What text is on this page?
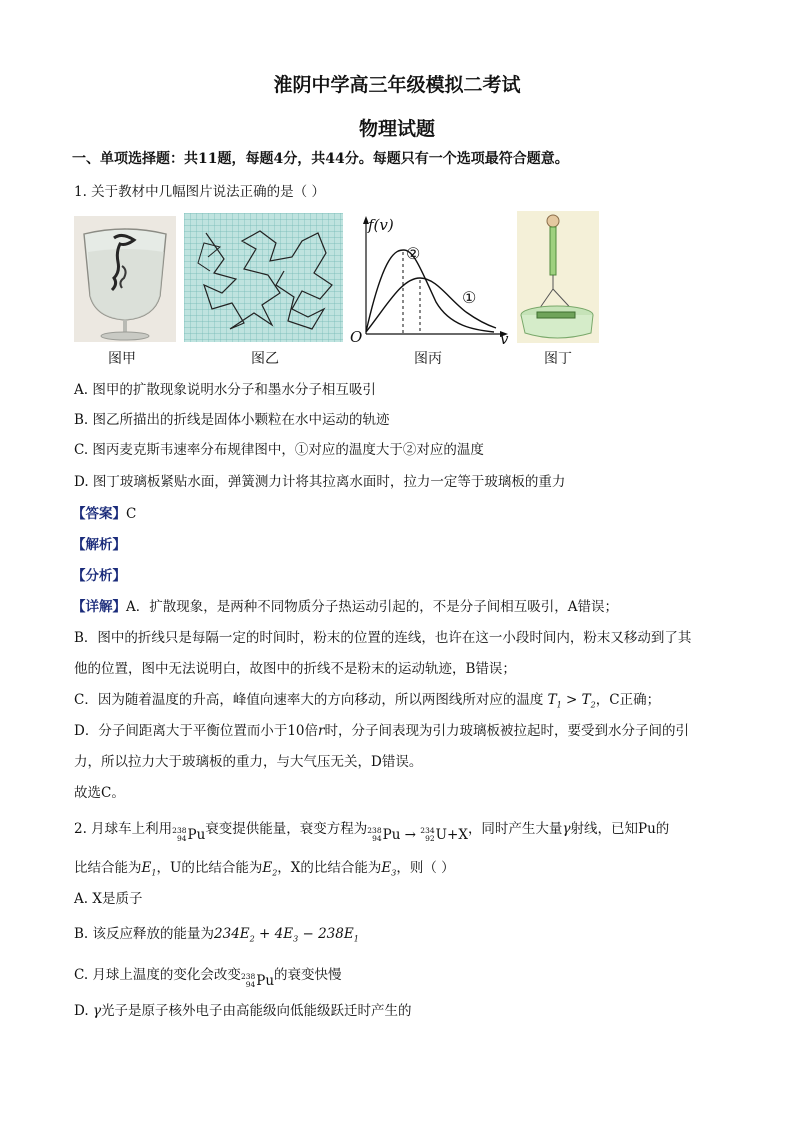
淮阴中学高三年级模拟二考试
物理试题
一、单项选择题：共11题，每题4分，共44分。每题只有一个选项最符合题意。
1. 关于教材中几幅图片说法正确的是（ ）
图甲	图乙
f(v)
②
①
O	v
图丙	图丁
A. 图甲的扩散现象说明水分子和墨水分子相互吸引
B. 图乙所描出的折线是固体小颗粒在水中运动的轨迹
C. 图丙麦克斯韦速率分布规律图中，①对应的温度大于②对应的温度
D. 图丁玻璃板紧贴水面，弹簧测力计将其拉离水面时，拉力一定等于玻璃板的重力
【答案】C
【解析】
【分析】
【详解】A．扩散现象，是两种不同物质分子热运动引起的，不是分子间相互吸引，A错误；
B．图中的折线只是每隔一定的时间时，粉末的位置的连线，也许在这一小段时间内，粉末又移动到了其
他的位置，图中无法说明白，故图中的折线不是粉末的运动轨迹，B错误；
C．因为随着温度的升高，峰值向速率大的方向移动，所以两图线所对应的温度 $T_1 > T_2$，C正确；
D．分子间距离大于平衡位置而小于10倍r时，分子间表现为引力玻璃板被拉起时，要受到水分子间的引
力，所以拉力大于玻璃板的重力，与大气压无关，D错误。
故选C。
2. 月球车上利用 238
94 Pu衰变提供能量，衰变方程为 238
94 Pu → 234
92 U+X，同时产生大量γ射线，已知Pu的
比结合能为$E_1$，U的比结合能为$E_2$，X的比结合能为$E_3$，则（ ）
A. X是质子
B. 该反应释放的能量为$234E_2 + 4E_3 - 238E_1$
C. 月球上温度的变化会改变 238
94 Pu的衰变快慢
D. γ光子是原子核外电子由高能级向低能级跃迁时产生的
